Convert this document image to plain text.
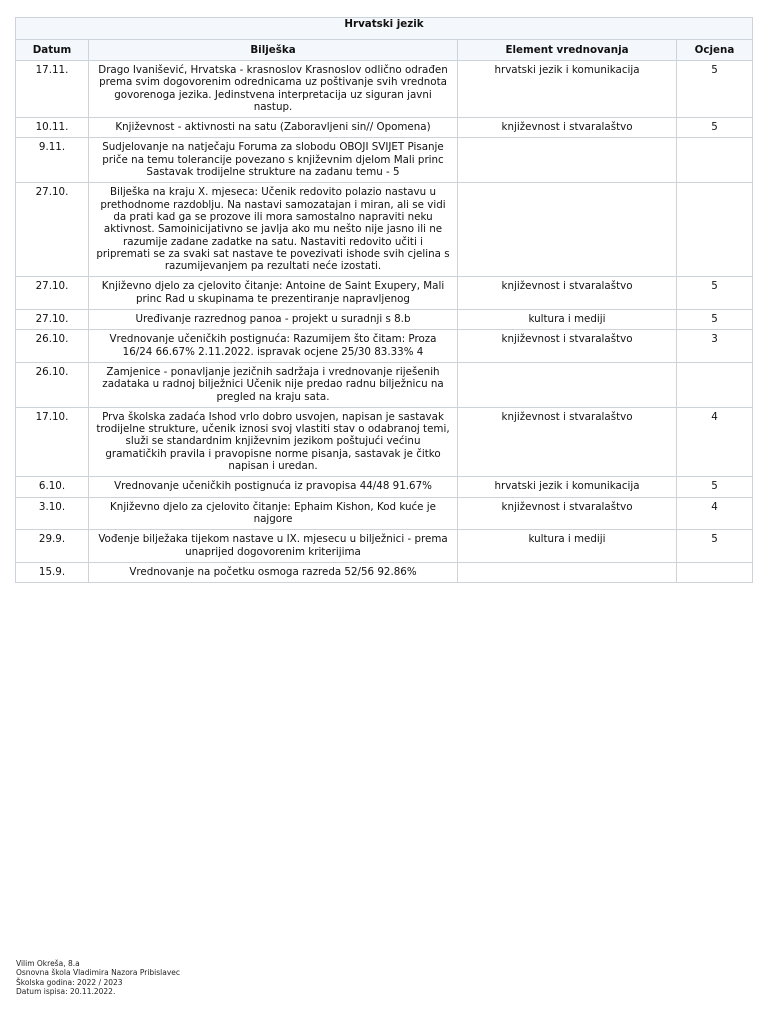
Hrvatski jezik			
Datum	Bilješka	Element vrednovanja	Ocjena
17.11.	Drago Ivanišević, Hrvatska - krasnoslov Krasnoslov odlično odrađen prema svim dogovorenim odrednicama uz poštivanje svih vrednota govorenoga jezika. Jedinstvena interpretacija uz siguran javni nastup.	hrvatski jezik i komunikacija	5
10.11.	Književnost - aktivnosti na satu (Zaboravljeni sin// Opomena)	književnost i stvaralaštvo	5
9.11.	Sudjelovanje na natječaju Foruma za slobodu OBOJI SVIJET Pisanje priče na temu tolerancije povezano s književnim djelom Mali princ Sastavak trodijelne strukture na zadanu temu - 5		
27.10.	Bilješka na kraju X. mjeseca: Učenik redovito polazio nastavu u prethodnome razdoblju. Na nastavi samozatajan i miran, ali se vidi da prati kad ga se prozove ili mora samostalno napraviti neku aktivnost. Samoinicijativno se javlja ako mu nešto nije jasno ili ne razumije zadane zadatke na satu. Nastaviti redovito učiti i pripremati se za svaki sat nastave te povezivati ishode svih cjelina s razumijevanjem pa rezultati neće izostati.		
27.10.	Književno djelo za cjelovito čitanje: Antoine de Saint Exupery, Mali princ Rad u skupinama te prezentiranje napravljenog	književnost i stvaralaštvo	5
27.10.	Uređivanje razrednog panoa - projekt u suradnji s 8.b	kultura i mediji	5
26.10.	Vrednovanje učeničkih postignuća: Razumijem što čitam: Proza 16/24 66.67% 2.11.2022. ispravak ocjene 25/30 83.33% 4	književnost i stvaralaštvo	3
26.10.	Zamjenice - ponavljanje jezičnih sadržaja i vrednovanje riješenih zadataka u radnoj bilježnici Učenik nije predao radnu bilježnicu na pregled na kraju sata.		
17.10.	Prva školska zadaća Ishod vrlo dobro usvojen, napisan je sastavak trodijelne strukture, učenik iznosi svoj vlastiti stav o odabranoj temi, služi se standardnim književnim jezikom poštujući većinu gramatičkih pravila i pravopisne norme pisanja, sastavak je čitko napisan i uredan.	književnost i stvaralaštvo	4
6.10.	Vrednovanje učeničkih postignuća iz pravopisa 44/48 91.67%	hrvatski jezik i komunikacija	5
3.10.	Književno djelo za cjelovito čitanje: Ephaim Kishon, Kod kuće je najgore	književnost i stvaralaštvo	4
29.9.	Vođenje bilježaka tijekom nastave u IX. mjesecu u bilježnici - prema unaprijed dogovorenim kriterijima	kultura i mediji	5
15.9.	Vrednovanje na početku osmoga razreda 52/56 92.86%		
Vilim Okreša, 8.a
Osnovna škola Vladimira Nazora Pribislavec
Školska godina: 2022 / 2023
Datum ispisa: 20.11.2022.
